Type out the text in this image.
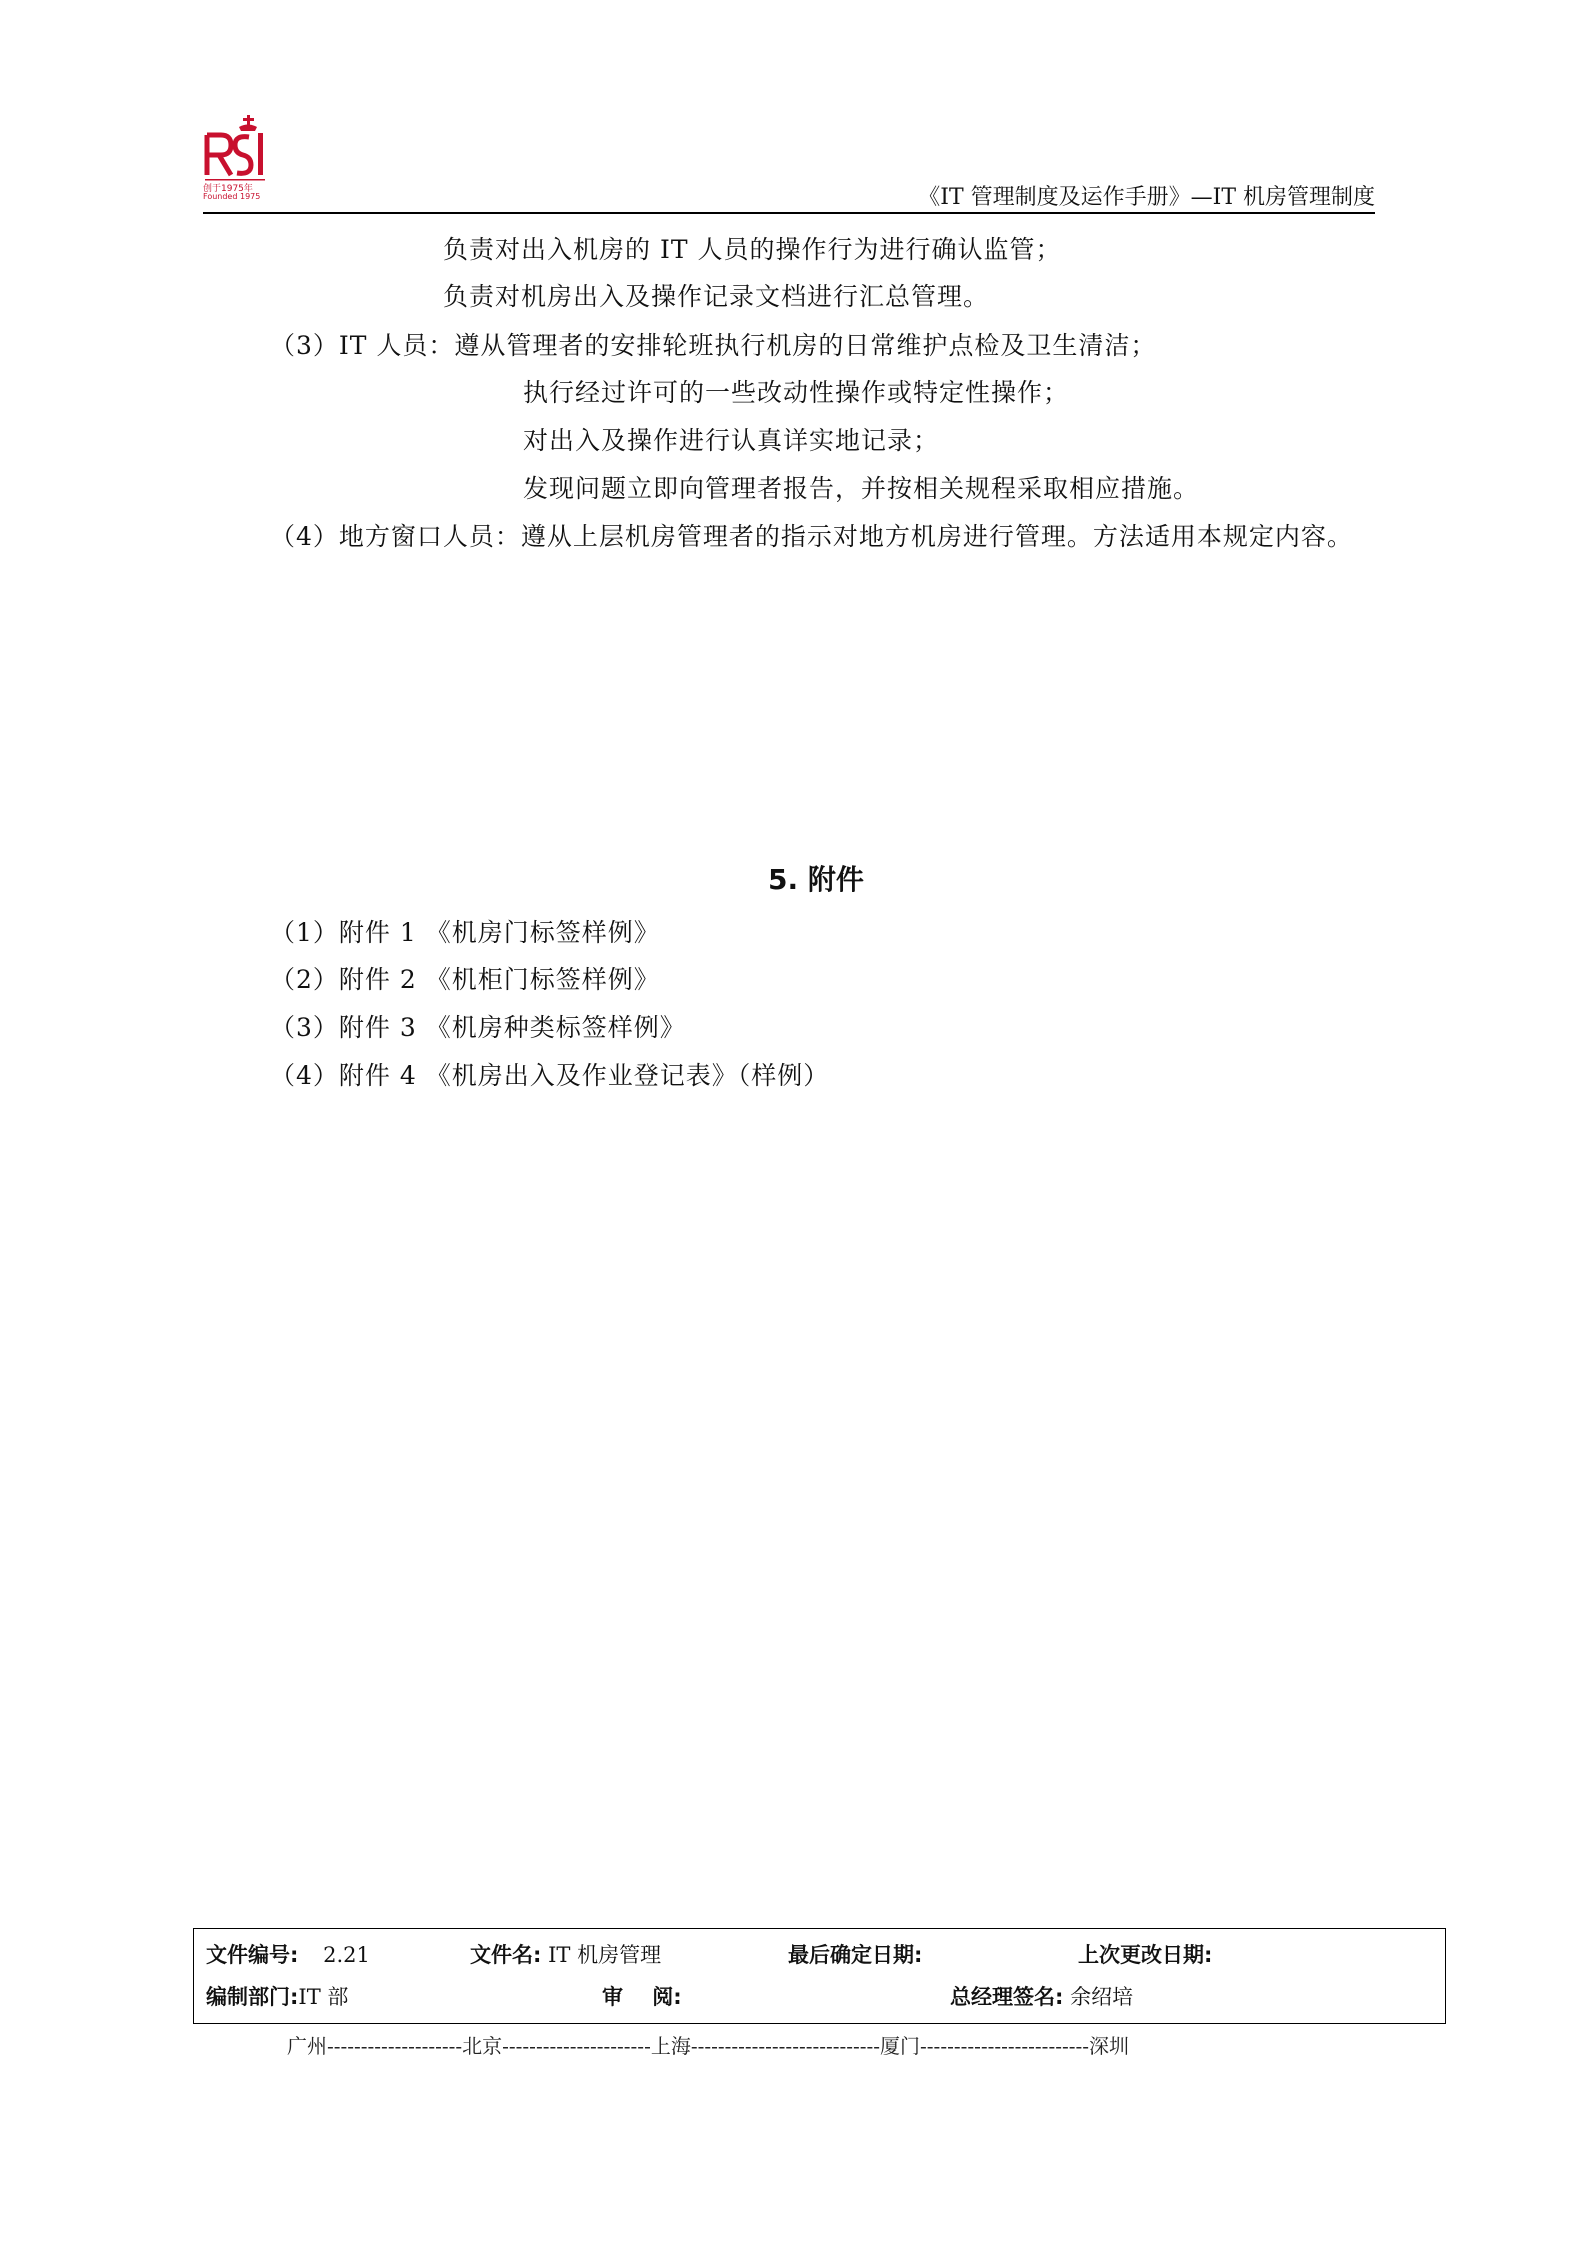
创于1975年
Founded 1975	《IT 管理制度及运作手册》—IT 机房管理制度
负责对出入机房的 IT 人员的操作行为进行确认监管；
负责对机房出入及操作记录文档进行汇总管理。
（3）IT 人员：遵从管理者的安排轮班执行机房的日常维护点检及卫生清洁；
执行经过许可的一些改动性操作或特定性操作；
对出入及操作进行认真详实地记录；
发现问题立即向管理者报告，并按相关规程采取相应措施。
（4）地方窗口人员：遵从上层机房管理者的指示对地方机房进行管理。方法适用本规定内容。
5. 附件
（1）附件 1 《机房门标签样例》
（2）附件 2 《机柜门标签样例》
（3）附件 3 《机房种类标签样例》
（4）附件 4 《机房出入及作业登记表》（样例）
文件编号: 2.21	文件名: IT 机房管理	最后确定日期:	上次更改日期:
编制部门:IT 部	审    阅:	总经理签名: 余绍培
广州--------------------北京----------------------上海----------------------------厦门-------------------------深圳
